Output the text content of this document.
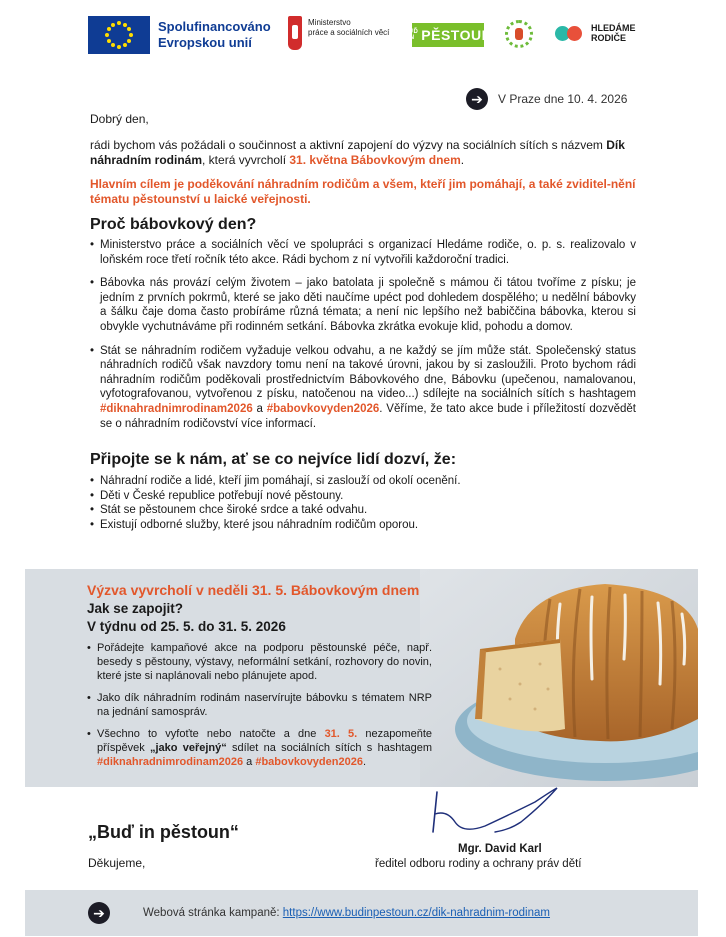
Spolufinancováno
Evropskou unií
Ministerstvo
práce a sociálních věcí BUĎ IN PĚSTOUN	HLEDÁME
RODIČE
➔	V Praze dne 10. 4. 2026
Dobrý den,
rádi bychom vás požádali o součinnost a aktivní zapojení do výzvy na sociálních sítích s názvem Dík náhradním rodinám, která vyvrcholí 31. května Bábovkovým dnem.
Hlavním cílem je poděkování náhradním rodičům a všem, kteří jim pomáhají, a také zviditel-nění tématu pěstounství u laické veřejnosti.
Proč bábovkový den?
• Ministerstvo práce a sociálních věcí ve spolupráci s organizací Hledáme rodiče, o. p. s. realizovalo v loňském roce třetí ročník této akce. Rádi bychom z ní vytvořili každoroční tradici.
• Bábovka nás provází celým životem – jako batolata ji společně s mámou či tátou tvoříme z písku; je jedním z prvních pokrmů, které se jako děti naučíme upéct pod dohledem dospělého; u nedělní bábovky a šálku čaje doma často probíráme různá témata; a není nic lepšího než babiččina bábovka, kterou si obvykle vychutnáváme při rodinném setkání. Bábovka zkrátka evokuje klid, pohodu a domov.
• Stát se náhradním rodičem vyžaduje velkou odvahu, a ne každý se jím může stát. Společenský status náhradních rodičů však navzdory tomu není na takové úrovni, jakou by si zasloužili. Proto bychom rádi náhradním rodičům poděkovali prostřednictvím Bábovkového dne, Bábovku (upečenou, namalovanou, vyfotografovanou, vytvořenou z písku, natočenou na video...) sdílejte na sociálních sítích s hashtagem #diknahradnimrodinam2026 a #babovkovyden2026. Věříme, že tato akce bude i příležitostí dozvědět se o náhradním rodičovství více informací.
Připojte se k nám, ať se co nejvíce lidí dozví, že:
• Náhradní rodiče a lidé, kteří jim pomáhají, si zaslouží od okolí ocenění.
• Děti v České republice potřebují nové pěstouny.
• Stát se pěstounem chce široké srdce a také odvahu.
• Existují odborné služby, které jsou náhradním rodičům oporou.
Výzva vyvrcholí v neděli 31. 5. Bábovkovým dnem
Jak se zapojit?
V týdnu od 25. 5. do 31. 5. 2026
• Pořádejte kampaňové akce na podporu pěstounské péče, např. besedy s pěstouny, výstavy, neformální setkání, rozhovory do novin, které jste si naplánovali nebo plánujete apod.
• Jako dík náhradním rodinám naservírujte bábovku s tématem NRP na jednání samospráv.
• Všechno to vyfoťte nebo natočte a dne 31. 5. nezapomeňte příspěvek „jako veřejný“ sdílet na sociálních sítích s hashtagem #diknahradnimrodinam2026 a #babovkovyden2026.
„Buď in pěstoun“
Děkujeme,
Mgr. David Karl
ředitel odboru rodiny a ochrany práv dětí
➔	Webová stránka kampaně: https://www.budinpestoun.cz/dik-nahradnim-rodinam
